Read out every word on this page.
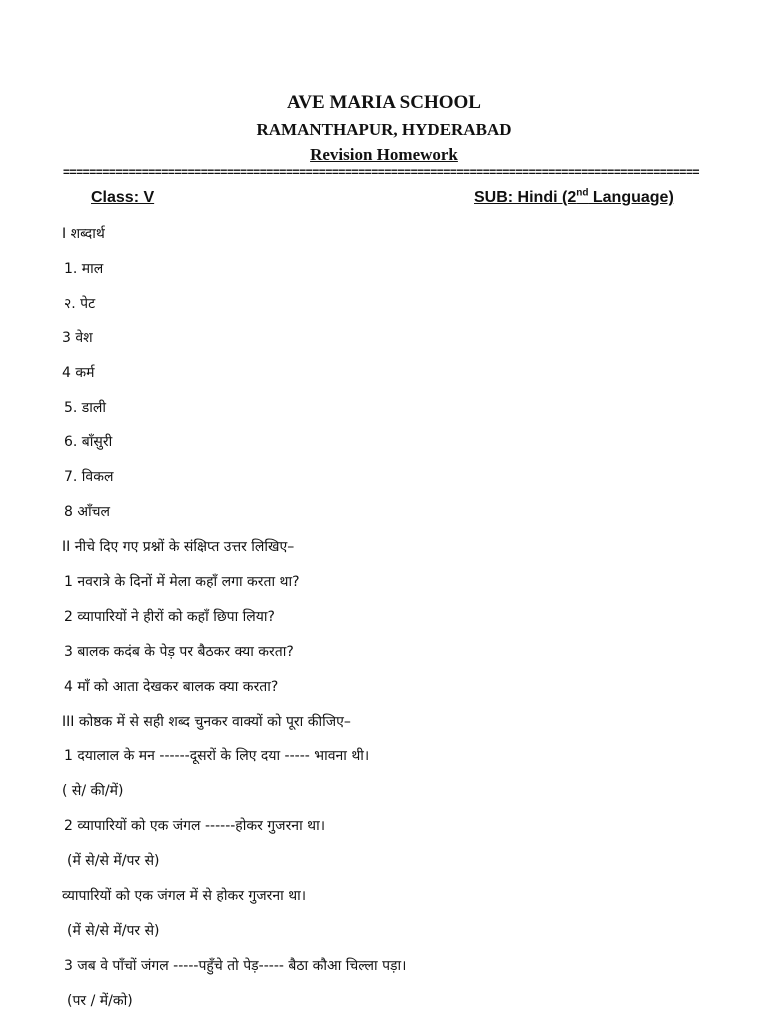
AVE MARIA SCHOOL
RAMANTHAPUR, HYDERABAD
Revision Homework
=================================================================================================
Class: V	SUB: Hindi (2nd Language)
I शब्दार्थ
1. माल
२. पेट
3 वेश
4 कर्म
5. डाली
6. बाँसुरी
7. विकल
8 आँचल
II नीचे दिए गए प्रश्नों के संक्षिप्त उत्तर लिखिए–
1 नवरात्रे के दिनों में मेला कहाँ लगा करता था?
2 व्यापारियों ने हीरों को कहाँ छिपा लिया?
3 बालक कदंब के पेड़ पर बैठकर क्या करता?
4 माँ को आता देखकर बालक क्या करता?
III कोष्ठक में से सही शब्द चुनकर वाक्यों को पूरा कीजिए–
1 दयालाल के मन ------दूसरों के लिए दया ----- भावना थी।
( से/ की/में)
2 व्यापारियों को एक जंगल ------होकर गुजरना था।
(में से/से में/पर से)
व्यापारियों को एक जंगल में से होकर गुजरना था।
(में से/से में/पर से)
3 जब वे पाँचों जंगल -----पहुँचे तो पेड़----- बैठा कौआ चिल्ला पड़ा।
(पर / में/को)
